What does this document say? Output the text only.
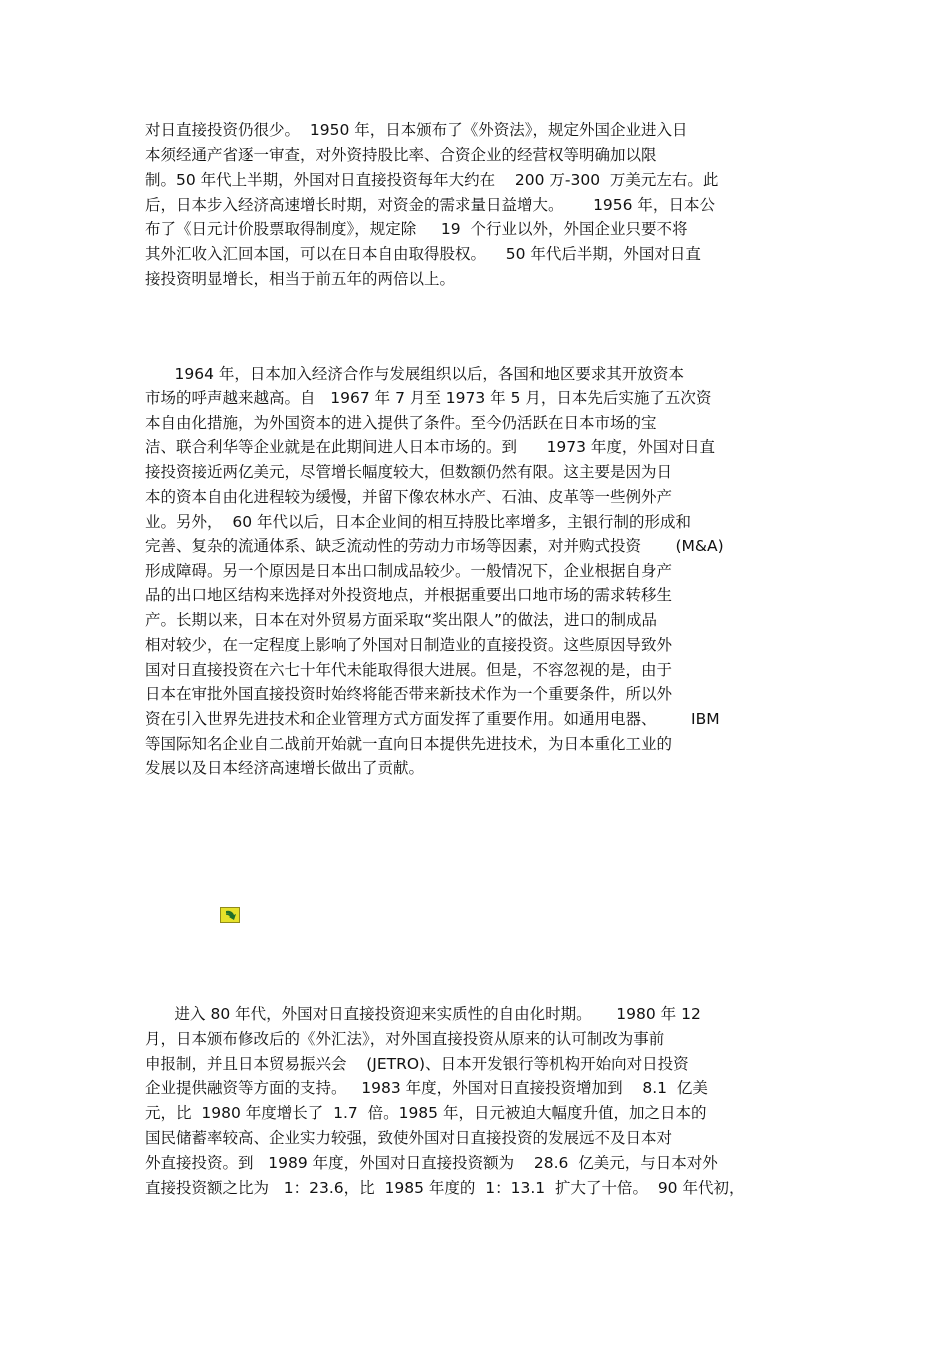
对日直接投资仍很少。  1950 年，日本颁布了《外资法》，规定外国企业进入日
本须经通产省逐一审查，对外资持股比率、合资企业的经营权等明确加以限
制。50 年代上半期，外国对日直接投资每年大约在    200 万-300  万美元左右。此
后，日本步入经济高速增长时期，对资金的需求量日益增大。      1956 年，日本公
布了《日元计价股票取得制度》，规定除     19  个行业以外，外国企业只要不将
其外汇收入汇回本国，可以在日本自由取得股权。    50 年代后半期，外国对日直
接投资明显增长，相当于前五年的两倍以上。
1964 年，日本加入经济合作与发展组织以后，各国和地区要求其开放资本
市场的呼声越来越高。自   1967 年 7 月至 1973 年 5 月，日本先后实施了五次资
本自由化措施，为外国资本的进入提供了条件。至今仍活跃在日本市场的宝
洁、联合利华等企业就是在此期间进人日本市场的。到      1973 年度，外国对日直
接投资接近两亿美元，尽管增长幅度较大，但数额仍然有限。这主要是因为日
本的资本自由化进程较为缓慢，并留下像农林水产、石油、皮革等一些例外产
业。另外，  60 年代以后，日本企业间的相互持股比率增多，主银行制的形成和
完善、复杂的流通体系、缺乏流动性的劳动力市场等因素，对并购式投资       (M&A)
形成障碍。另一个原因是日本出口制成品较少。一般情况下，企业根据自身产
品的出口地区结构来选择对外投资地点，并根据重要出口地市场的需求转移生
产。长期以来，日本在对外贸易方面采取“奖出限人”的做法，进口的制成品
相对较少，在一定程度上影响了外国对日制造业的直接投资。这些原因导致外
国对日直接投资在六七十年代未能取得很大进展。但是，不容忽视的是，由于
日本在审批外国直接投资时始终将能否带来新技术作为一个重要条件，所以外
资在引入世界先进技术和企业管理方式方面发挥了重要作用。如通用电器、       IBM
等国际知名企业自二战前开始就一直向日本提供先进技术，为日本重化工业的
发展以及日本经济高速增长做出了贡献。
进入 80 年代，外国对日直接投资迎来实质性的自由化时期。     1980 年 12
月，日本颁布修改后的《外汇法》，对外国直接投资从原来的认可制改为事前
申报制，并且日本贸易振兴会    (JETRO)、日本开发银行等机构开始向对日投资
企业提供融资等方面的支持。   1983 年度，外国对日直接投资增加到    8.1  亿美
元，比  1980 年度增长了  1.7  倍。1985 年，日元被迫大幅度升值，加之日本的
国民储蓄率较高、企业实力较强，致使外国对日直接投资的发展远不及日本对
外直接投资。到   1989 年度，外国对日直接投资额为    28.6  亿美元，与日本对外
直接投资额之比为   1：23.6，比  1985 年度的  1：13.1  扩大了十倍。  90 年代初，
